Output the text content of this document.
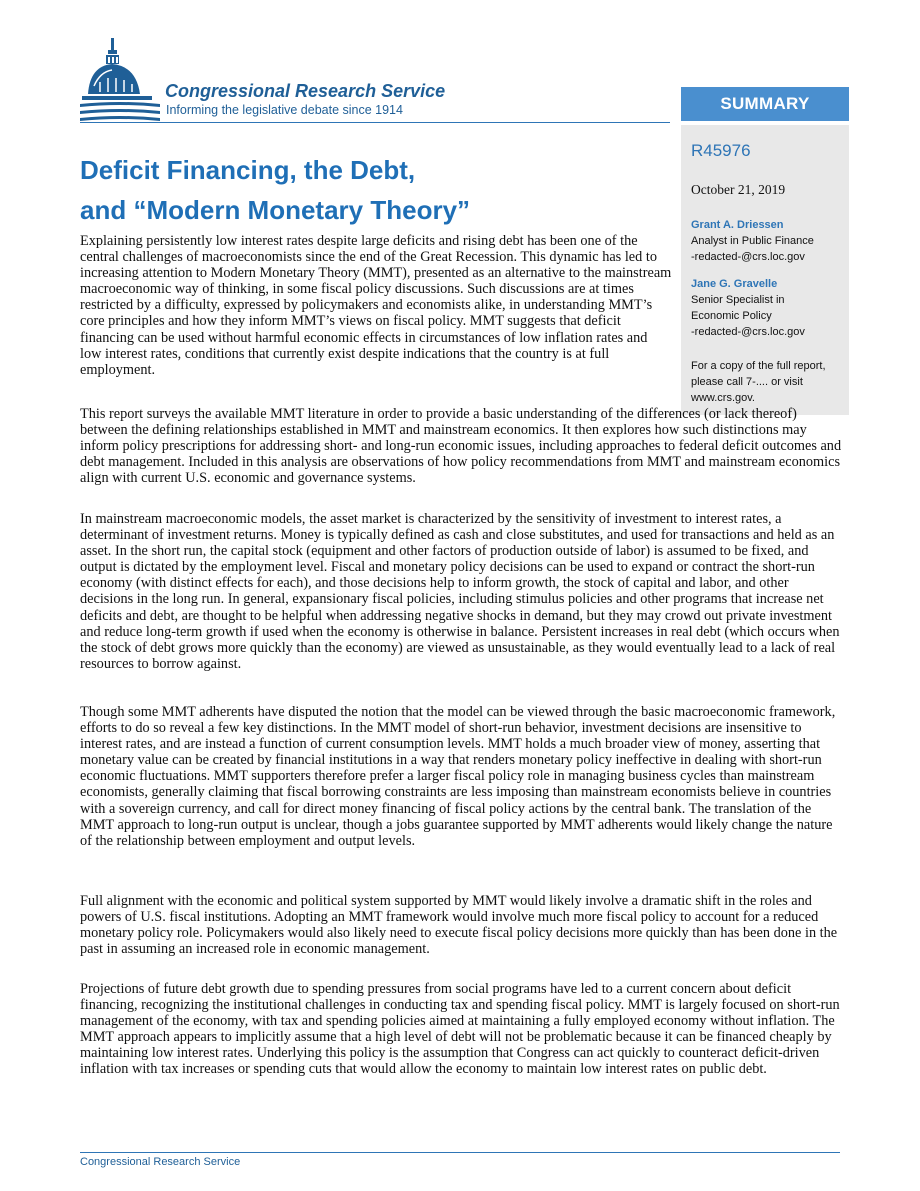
Congressional Research Service
Informing the legislative debate since 1914	SUMMARY
R45976
October 21, 2019
Grant A. Driessen
Analyst in Public Finance
-redacted-@crs.loc.gov
Jane G. Gravelle
Senior Specialist in
Economic Policy
-redacted-@crs.loc.gov
For a copy of the full report,
please call 7-.... or visit
www.crs.gov.
Deficit Financing, the Debt,
and “Modern Monetary Theory”

Explaining persistently low interest rates despite large deficits and rising debt has been one of the central challenges of macroeconomists since the end of the Great Recession. This dynamic has led to increasing attention to Modern Monetary Theory (MMT), presented as an alternative to the mainstream macroeconomic way of thinking, in some fiscal policy discussions. Such discussions are at times restricted by a difficulty, expressed by policymakers and economists alike, in understanding MMT’s core principles and how they inform MMT’s views on fiscal policy. MMT suggests that deficit financing can be used without harmful economic effects in circumstances of low inflation rates and low interest rates, conditions that currently exist despite indications that the country is at full employment.

This report surveys the available MMT literature in order to provide a basic understanding of the differences (or lack thereof) between the defining relationships established in MMT and mainstream economics. It then explores how such distinctions may inform policy prescriptions for addressing short- and long-run economic issues, including approaches to federal deficit outcomes and debt management. Included in this analysis are observations of how policy recommendations from MMT and mainstream economics align with current U.S. economic and governance systems.

In mainstream macroeconomic models, the asset market is characterized by the sensitivity of investment to interest rates, a determinant of investment returns. Money is typically defined as cash and close substitutes, and used for transactions and held as an asset. In the short run, the capital stock (equipment and other factors of production outside of labor) is assumed to be fixed, and output is dictated by the employment level. Fiscal and monetary policy decisions can be used to expand or contract the short-run economy (with distinct effects for each), and those decisions help to inform growth, the stock of capital and labor, and other decisions in the long run. In general, expansionary fiscal policies, including stimulus policies and other programs that increase net deficits and debt, are thought to be helpful when addressing negative shocks in demand, but they may crowd out private investment and reduce long-term growth if used when the economy is otherwise in balance. Persistent increases in real debt (which occurs when the stock of debt grows more quickly than the economy) are viewed as unsustainable, as they would eventually lead to a lack of real resources to borrow against.

Though some MMT adherents have disputed the notion that the model can be viewed through the basic macroeconomic framework, efforts to do so reveal a few key distinctions. In the MMT model of short-run behavior, investment decisions are insensitive to interest rates, and are instead a function of current consumption levels. MMT holds a much broader view of money, asserting that monetary value can be created by financial institutions in a way that renders monetary policy ineffective in dealing with short-run economic fluctuations. MMT supporters therefore prefer a larger fiscal policy role in managing business cycles than mainstream economists, generally claiming that fiscal borrowing constraints are less imposing than mainstream economists believe in countries with a sovereign currency, and call for direct money financing of fiscal policy actions by the central bank. The translation of the MMT approach to long-run output is unclear, though a jobs guarantee supported by MMT adherents would likely change the nature of the relationship between employment and output levels.

Full alignment with the economic and political system supported by MMT would likely involve a dramatic shift in the roles and powers of U.S. fiscal institutions. Adopting an MMT framework would involve much more fiscal policy to account for a reduced monetary policy role. Policymakers would also likely need to execute fiscal policy decisions more quickly than has been done in the past in assuming an increased role in economic management.

Projections of future debt growth due to spending pressures from social programs have led to a current concern about deficit financing, recognizing the institutional challenges in conducting tax and spending fiscal policy. MMT is largely focused on short-run management of the economy, with tax and spending policies aimed at maintaining a fully employed economy without inflation. The MMT approach appears to implicitly assume that a high level of debt will not be problematic because it can be financed cheaply by maintaining low interest rates. Underlying this policy is the assumption that Congress can act quickly to counteract deficit-driven inflation with tax increases or spending cuts that would allow the economy to maintain low interest rates on public debt.

Congressional Research Service
